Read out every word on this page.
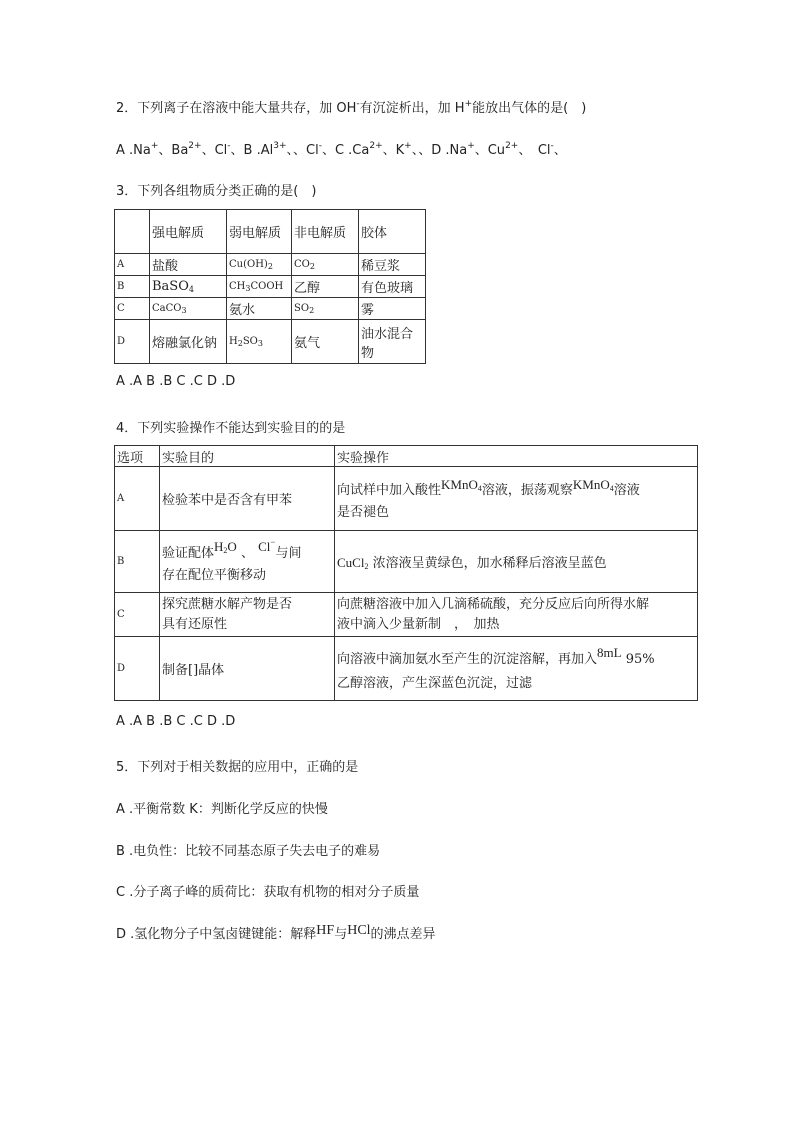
2．下列离子在溶液中能大量共存，加 OH-有沉淀析出，加 H+能放出气体的是(　)
A .Na+、$Ba^{2+}$、Cl-、B $.Al^{3+}$、、Cl-、C $.Ca^{2+}$、K+、、D .Na+、$Cu^{2+}$、　Cl-、
3．下列各组物质分类正确的是(　)
	强电解质	弱电解质	非电解质	胶体
A	盐酸	$Cu(OH)_2$	$CO_2$	稀豆浆
B	BaSO$_4$	$CH_3COOH$	乙醇	有色玻璃
C	CaCO$_3$	氨水	$SO_2$	雾
D	熔融氯化钠	$H_2SO_3$	氨气	油水混合物
A .A B .B C .C D .D
4．下列实验操作不能达到实验目的的是
选项	实验目的	实验操作
A	检验苯中是否含有甲苯	向试样中加入酸性KMnO$_4$溶液，振荡观察KMnO$_4$溶液
是否褪色
B	验证配体$H_2O$ 、 Cl−与间
存在配位平衡移动	CuCl$_2$ 浓溶液呈黄绿色，加水稀释后溶液呈蓝色
C	探究蔗糖水解产物是否
具有还原性	向蔗糖溶液中加入几滴稀硫酸，充分反应后向所得水解
液中滴入少量新制　，　加热
D	制备[]晶体	向溶液中滴加氨水至产生的沉淀溶解，再加入8mL 95%
乙醇溶液，产生深蓝色沉淀，过滤
A .A B .B C .C D .D
5．下列对于相关数据的应用中，正确的是
A .平衡常数 K：判断化学反应的快慢
B .电负性：比较不同基态原子失去电子的难易
C .分子离子峰的质荷比：获取有机物的相对分子质量
D .氢化物分子中氢卤键键能：解释HF与HCl的沸点差异
